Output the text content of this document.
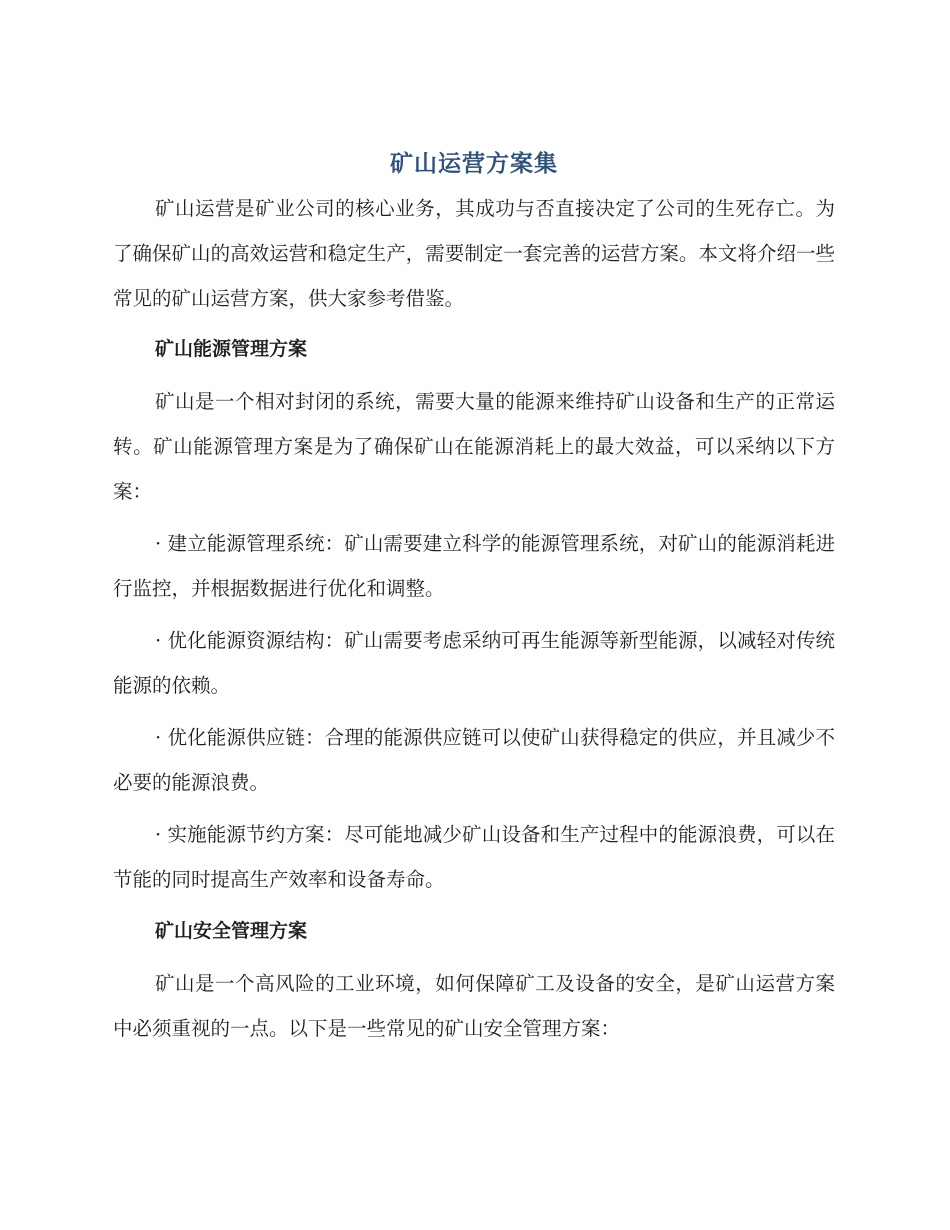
矿山运营方案集

矿山运营是矿业公司的核心业务，其成功与否直接决定了公司的生死存亡。为了确保矿山的高效运营和稳定生产，需要制定一套完善的运营方案。本文将介绍一些常见的矿山运营方案，供大家参考借鉴。

矿山能源管理方案

矿山是一个相对封闭的系统，需要大量的能源来维持矿山设备和生产的正常运转。矿山能源管理方案是为了确保矿山在能源消耗上的最大效益，可以采纳以下方案：

· 建立能源管理系统：矿山需要建立科学的能源管理系统，对矿山的能源消耗进行监控，并根据数据进行优化和调整。

· 优化能源资源结构：矿山需要考虑采纳可再生能源等新型能源，以减轻对传统能源的依赖。

· 优化能源供应链：合理的能源供应链可以使矿山获得稳定的供应，并且减少不必要的能源浪费。

· 实施能源节约方案：尽可能地减少矿山设备和生产过程中的能源浪费，可以在节能的同时提高生产效率和设备寿命。

矿山安全管理方案

矿山是一个高风险的工业环境，如何保障矿工及设备的安全，是矿山运营方案中必须重视的一点。以下是一些常见的矿山安全管理方案：
